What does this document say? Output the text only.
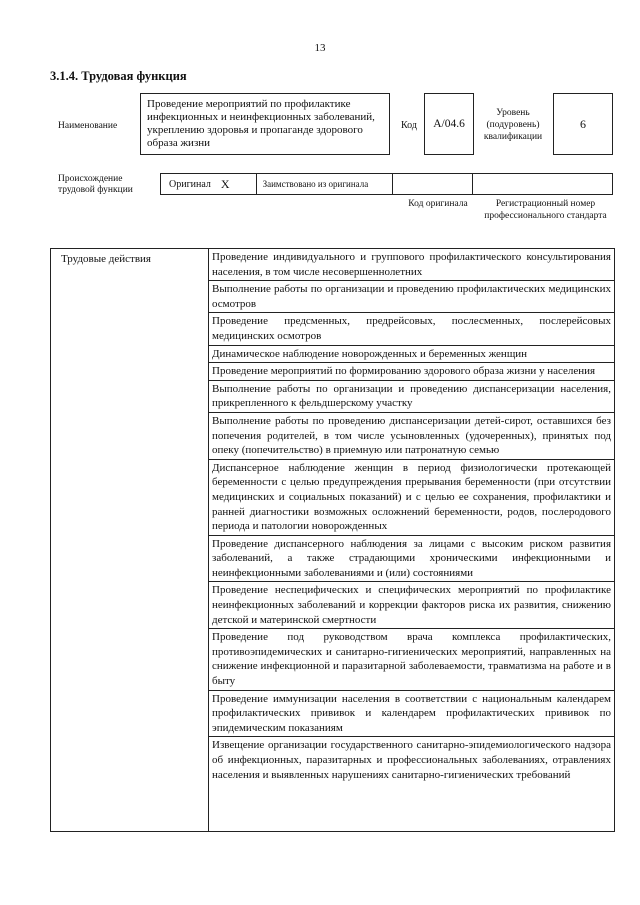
13
3.1.4. Трудовая функция
Наименование
Проведение мероприятий по профилактике инфекционных и неинфекционных заболеваний, укреплению здоровья и пропаганде здорового образа жизни
Код A/04.6
Уровень (подуровень) квалификации
6
Происхождение трудовой функции
Оригинал X	Заимствовано из оригинала
Код оригинала	Регистрационный номер профессионального стандарта
Трудовые действия	Проведение индивидуального и группового профилактического консультирования населения, в том числе несовершеннолетних
Выполнение работы по организации и проведению профилактических медицинских осмотров
Проведение предсменных, предрейсовых, послесменных, послерейсовых медицинских осмотров
Динамическое наблюдение новорожденных и беременных женщин
Проведение мероприятий по формированию здорового образа жизни у населения
Выполнение работы по организации и проведению диспансеризации населения, прикрепленного к фельдшерскому участку
Выполнение работы по проведению диспансеризации детей-сирот, оставшихся без попечения родителей, в том числе усыновленных (удочеренных), принятых под опеку (попечительство) в приемную или патронатную семью
Диспансерное наблюдение женщин в период физиологически протекающей беременности с целью предупреждения прерывания беременности (при отсутствии медицинских и социальных показаний) и с целью ее сохранения, профилактики и ранней диагностики возможных осложнений беременности, родов, послеродового периода и патологии новорожденных
Проведение диспансерного наблюдения за лицами с высоким риском развития заболеваний, а также страдающими хроническими инфекционными и неинфекционными заболеваниями и (или) состояниями
Проведение неспецифических и специфических мероприятий по профилактике неинфекционных заболеваний и коррекции факторов риска их развития, снижению детской и материнской смертности
Проведение под руководством врача комплекса профилактических, противоэпидемических и санитарно-гигиенических мероприятий, направленных на снижение инфекционной и паразитарной заболеваемости, травматизма на работе и в быту
Проведение иммунизации населения в соответствии с национальным календарем профилактических прививок и календарем профилактических прививок по эпидемическим показаниям
Извещение организации государственного санитарно-эпидемиологического надзора об инфекционных, паразитарных и профессиональных заболеваниях, отравлениях населения и выявленных нарушениях санитарно-гигиенических требований
